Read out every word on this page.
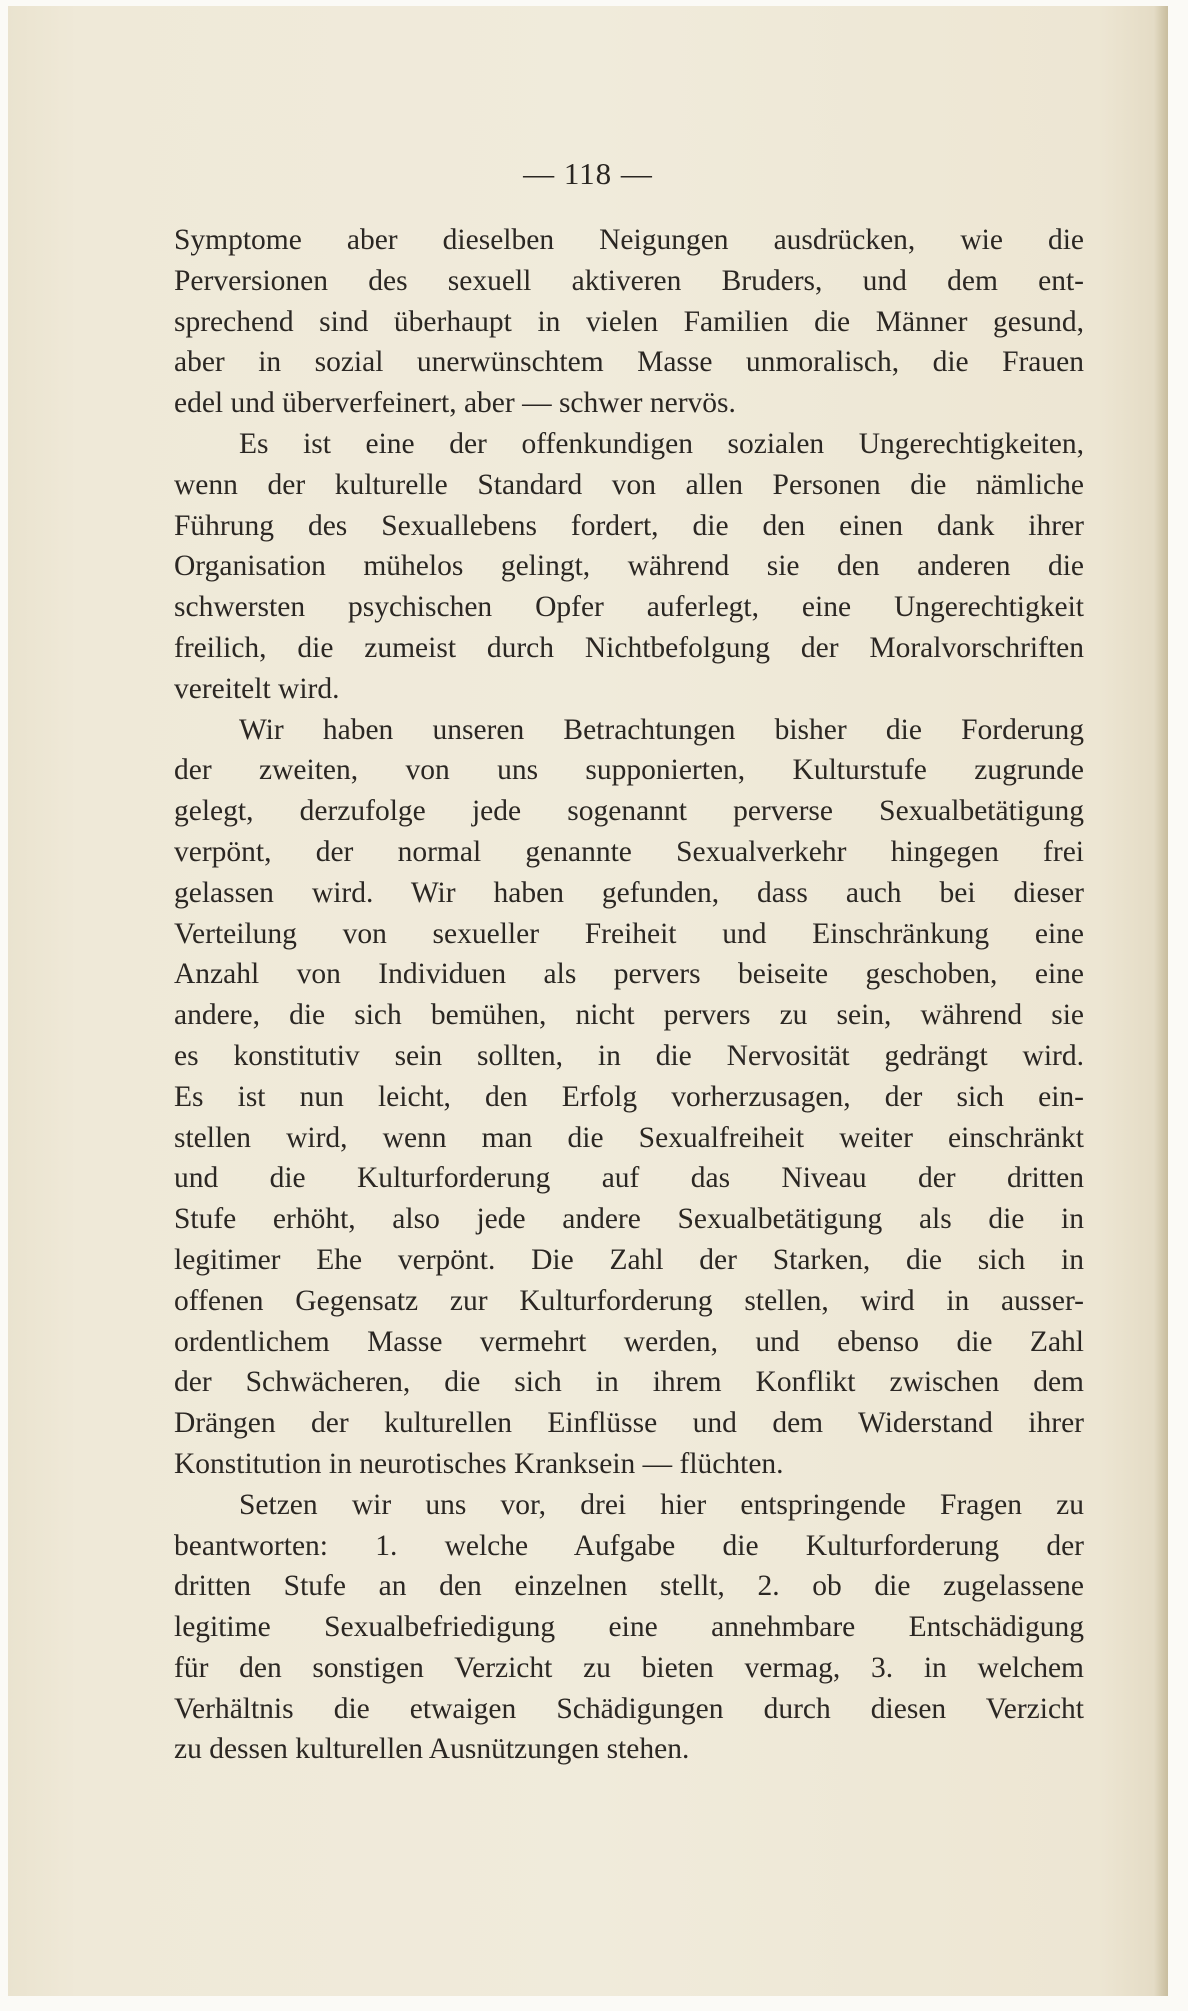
— 118 —
Symptome aber dieselben Neigungen ausdrücken, wie die
Perversionen des sexuell aktiveren Bruders, und dem ent-
sprechend sind überhaupt in vielen Familien die Männer gesund,
aber in sozial unerwünschtem Masse unmoralisch, die Frauen
edel und überverfeinert, aber — schwer nervös.
Es ist eine der offenkundigen sozialen Ungerechtigkeiten,
wenn der kulturelle Standard von allen Personen die nämliche
Führung des Sexuallebens fordert, die den einen dank ihrer
Organisation mühelos gelingt, während sie den anderen die
schwersten psychischen Opfer auferlegt, eine Ungerechtigkeit
freilich, die zumeist durch Nichtbefolgung der Moralvorschriften
vereitelt wird.
Wir haben unseren Betrachtungen bisher die Forderung
der zweiten, von uns supponierten, Kulturstufe zugrunde
gelegt, derzufolge jede sogenannt perverse Sexualbetätigung
verpönt, der normal genannte Sexualverkehr hingegen frei
gelassen wird. Wir haben gefunden, dass auch bei dieser
Verteilung von sexueller Freiheit und Einschränkung eine
Anzahl von Individuen als pervers beiseite geschoben, eine
andere, die sich bemühen, nicht pervers zu sein, während sie
es konstitutiv sein sollten, in die Nervosität gedrängt wird.
Es ist nun leicht, den Erfolg vorherzusagen, der sich ein-
stellen wird, wenn man die Sexualfreiheit weiter einschränkt
und die Kulturforderung auf das Niveau der dritten
Stufe erhöht, also jede andere Sexualbetätigung als die in
legitimer Ehe verpönt. Die Zahl der Starken, die sich in
offenen Gegensatz zur Kulturforderung stellen, wird in ausser-
ordentlichem Masse vermehrt werden, und ebenso die Zahl
der Schwächeren, die sich in ihrem Konflikt zwischen dem
Drängen der kulturellen Einflüsse und dem Widerstand ihrer
Konstitution in neurotisches Kranksein — flüchten.
Setzen wir uns vor, drei hier entspringende Fragen zu
beantworten: 1. welche Aufgabe die Kulturforderung der
dritten Stufe an den einzelnen stellt, 2. ob die zugelassene
legitime Sexualbefriedigung eine annehmbare Entschädigung
für den sonstigen Verzicht zu bieten vermag, 3. in welchem
Verhältnis die etwaigen Schädigungen durch diesen Verzicht
zu dessen kulturellen Ausnützungen stehen.
